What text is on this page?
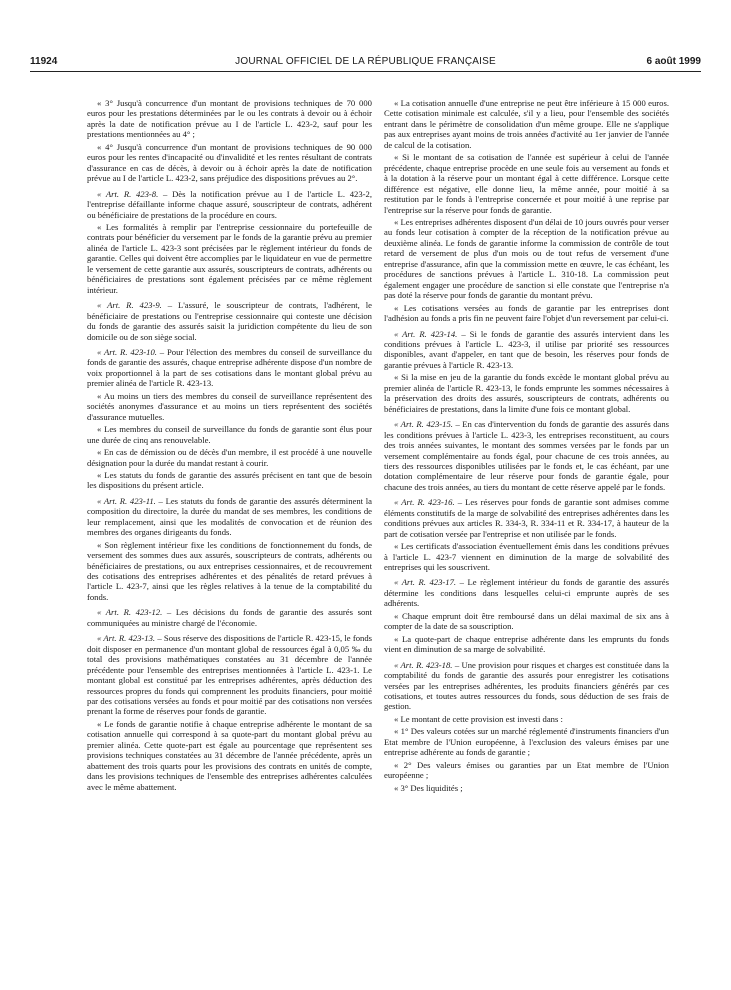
11924	JOURNAL OFFICIEL DE LA RÉPUBLIQUE FRANÇAISE	6 août 1999

« 3° Jusqu'à concurrence d'un montant de provisions techniques de 70 000 euros pour les prestations déterminées par le ou les contrats à devoir ou à échoir après la date de notification prévue au I de l'article L. 423-2, sauf pour les prestations mentionnées au 4° ;

« 4° Jusqu'à concurrence d'un montant de provisions techniques de 90 000 euros pour les rentes d'incapacité ou d'invalidité et les rentes résultant de contrats d'assurance en cas de décès, à devoir ou à échoir après la date de notification prévue au I de l'article L. 423-2, sans préjudice des dispositions prévues au 2°.

« Art. R. 423-8. – Dès la notification prévue au I de l'article L. 423-2, l'entreprise défaillante informe chaque assuré, souscripteur de contrats, adhérent ou bénéficiaire de prestations de la procédure en cours.

« Les formalités à remplir par l'entreprise cessionnaire du portefeuille de contrats pour bénéficier du versement par le fonds de la garantie prévu au premier alinéa de l'article L. 423-3 sont précisées par le règlement intérieur du fonds de garantie. Celles qui doivent être accomplies par le liquidateur en vue de permettre le versement de cette garantie aux assurés, souscripteurs de contrats, adhérents ou bénéficiaires de prestations sont également précisées par ce même règlement intérieur.

« Art. R. 423-9. – L'assuré, le souscripteur de contrats, l'adhérent, le bénéficiaire de prestations ou l'entreprise cessionnaire qui conteste une décision du fonds de garantie des assurés saisit la juridiction compétente du lieu de son domicile ou de son siège social.

« Art. R. 423-10. – Pour l'élection des membres du conseil de surveillance du fonds de garantie des assurés, chaque entreprise adhérente dispose d'un nombre de voix proportionnel à la part de ses cotisations dans le montant global prévu au premier alinéa de l'article R. 423-13.

« Au moins un tiers des membres du conseil de surveillance représentent des sociétés anonymes d'assurance et au moins un tiers représentent des sociétés d'assurance mutuelles.

« Les membres du conseil de surveillance du fonds de garantie sont élus pour une durée de cinq ans renouvelable.

« En cas de démission ou de décès d'un membre, il est procédé à une nouvelle désignation pour la durée du mandat restant à courir.

« Les statuts du fonds de garantie des assurés précisent en tant que de besoin les dispositions du présent article.

« Art. R. 423-11. – Les statuts du fonds de garantie des assurés déterminent la composition du directoire, la durée du mandat de ses membres, les conditions de leur remplacement, ainsi que les modalités de convocation et de réunion des membres des organes dirigeants du fonds.

« Son règlement intérieur fixe les conditions de fonctionnement du fonds, de versement des sommes dues aux assurés, souscripteurs de contrats, adhérents ou bénéficiaires de prestations, ou aux entreprises cessionnaires, et de recouvrement des cotisations des entreprises adhérentes et des pénalités de retard prévues à l'article L. 423-7, ainsi que les règles relatives à la tenue de la comptabilité du fonds.

« Art. R. 423-12. – Les décisions du fonds de garantie des assurés sont communiquées au ministre chargé de l'économie.

« Art. R. 423-13. – Sous réserve des dispositions de l'article R. 423-15, le fonds doit disposer en permanence d'un montant global de ressources égal à 0,05 ‰ du total des provisions mathématiques constatées au 31 décembre de l'année précédente pour l'ensemble des entreprises mentionnées à l'article L. 423-1. Le montant global est constitué par les entreprises adhérentes, après déduction des ressources propres du fonds qui comprennent les produits financiers, pour moitié par des cotisations versées au fonds et pour moitié par des cotisations non versées prenant la forme de réserves pour fonds de garantie.

« Le fonds de garantie notifie à chaque entreprise adhérente le montant de sa cotisation annuelle qui correspond à sa quote-part du montant global prévu au premier alinéa. Cette quote-part est égale au pourcentage que représentent ses provisions techniques constatées au 31 décembre de l'année précédente, après un abattement des trois quarts pour les provisions des contrats en unités de compte, dans les provisions techniques de l'ensemble des entreprises adhérentes calculées avec le même abattement.

« La cotisation annuelle d'une entreprise ne peut être inférieure à 15 000 euros. Cette cotisation minimale est calculée, s'il y a lieu, pour l'ensemble des sociétés entrant dans le périmètre de consolidation d'un même groupe. Elle ne s'applique pas aux entreprises ayant moins de trois années d'activité au 1er janvier de l'année de calcul de la cotisation.

« Si le montant de sa cotisation de l'année est supérieur à celui de l'année précédente, chaque entreprise procède en une seule fois au versement au fonds et à la dotation à la réserve pour un montant égal à cette différence. Lorsque cette différence est négative, elle donne lieu, la même année, pour moitié à sa restitution par le fonds à l'entreprise concernée et pour moitié à une reprise par l'entreprise sur la réserve pour fonds de garantie.

« Les entreprises adhérentes disposent d'un délai de 10 jours ouvrés pour verser au fonds leur cotisation à compter de la réception de la notification prévue au deuxième alinéa. Le fonds de garantie informe la commission de contrôle de tout retard de versement de plus d'un mois ou de tout refus de versement d'une entreprise d'assurance, afin que la commission mette en œuvre, le cas échéant, les procédures de sanctions prévues à l'article L. 310-18. La commission peut également engager une procédure de sanction si elle constate que l'entreprise n'a pas doté la réserve pour fonds de garantie du montant prévu.

« Les cotisations versées au fonds de garantie par les entreprises dont l'adhésion au fonds a pris fin ne peuvent faire l'objet d'un reversement par celui-ci.

« Art. R. 423-14. – Si le fonds de garantie des assurés intervient dans les conditions prévues à l'article L. 423-3, il utilise par priorité ses ressources disponibles, avant d'appeler, en tant que de besoin, les réserves pour fonds de garantie prévues à l'article R. 423-13.

« Si la mise en jeu de la garantie du fonds excède le montant global prévu au premier alinéa de l'article R. 423-13, le fonds emprunte les sommes nécessaires à la préservation des droits des assurés, souscripteurs de contrats, adhérents ou bénéficiaires de prestations, dans la limite d'une fois ce montant global.

« Art. R. 423-15. – En cas d'intervention du fonds de garantie des assurés dans les conditions prévues à l'article L. 423-3, les entreprises reconstituent, au cours des trois années suivantes, le montant des sommes versées par le fonds par un versement complémentaire au fonds égal, pour chacune de ces trois années, au tiers des ressources disponibles utilisées par le fonds et, le cas échéant, par une dotation complémentaire de leur réserve pour fonds de garantie égale, pour chacune des trois années, au tiers du montant de cette réserve appelé par le fonds.

« Art. R. 423-16. – Les réserves pour fonds de garantie sont admises comme éléments constitutifs de la marge de solvabilité des entreprises adhérentes dans les conditions prévues aux articles R. 334-3, R. 334-11 et R. 334-17, à hauteur de la part de cotisation versée par l'entreprise et non utilisée par le fonds.

« Les certificats d'association éventuellement émis dans les conditions prévues à l'article L. 423-7 viennent en diminution de la marge de solvabilité des entreprises qui les souscrivent.

« Art. R. 423-17. – Le règlement intérieur du fonds de garantie des assurés détermine les conditions dans lesquelles celui-ci emprunte auprès de ses adhérents.

« Chaque emprunt doit être remboursé dans un délai maximal de six ans à compter de la date de sa souscription.

« La quote-part de chaque entreprise adhérente dans les emprunts du fonds vient en diminution de sa marge de solvabilité.

« Art. R. 423-18. – Une provision pour risques et charges est constituée dans la comptabilité du fonds de garantie des assurés pour enregistrer les cotisations versées par les entreprises adhérentes, les produits financiers générés par ces cotisations, et toutes autres ressources du fonds, sous déduction de ses frais de gestion.

« Le montant de cette provision est investi dans :

« 1° Des valeurs cotées sur un marché réglementé d'instruments financiers d'un Etat membre de l'Union européenne, à l'exclusion des valeurs émises par une entreprise adhérente au fonds de garantie ;

« 2° Des valeurs émises ou garanties par un Etat membre de l'Union européenne ;

« 3° Des liquidités ;
